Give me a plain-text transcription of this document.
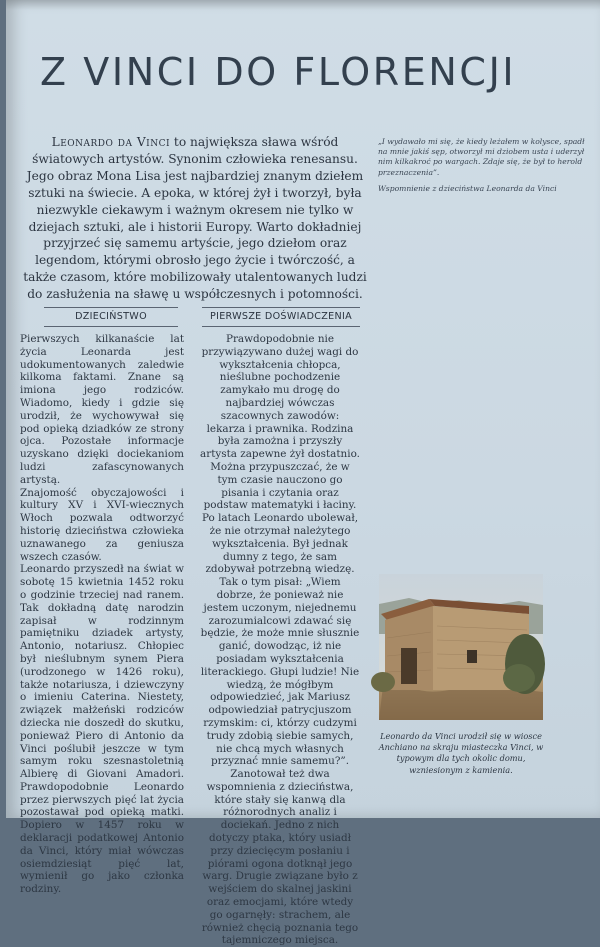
Z VINCI DO FLORENCJI
Leonardo da Vinci to największa sława wśród światowych artystów. Synonim człowieka renesansu. Jego obraz Mona Lisa jest najbardziej znanym dziełem sztuki na świecie. A epoka, w której żył i tworzył, była niezwykle ciekawym i ważnym okresem nie tylko w dziejach sztuki, ale i historii Europy. Warto dokładniej przyjrzeć się samemu artyście, jego dziełom oraz legendom, którymi obrosło jego życie i twórczość, a także czasom, które mobilizowały utalentowanych ludzi do zasłużenia na sławę u współczesnych i potomności.
„I wydawało mi się, że kiedy leżałem w kolysce, spadł na mnie jakiś sęp, otworzył mi dziobem usta i uderzył nim kilkakroć po wargach. Zdaje się, że był to herold przeznaczenia”.
Wspomnienie z dzieciństwa Leonarda da Vinci
DZIECIŃSTWO	PIERWSZE DOŚWIADCZENIA

Pierwszych kilkanaście lat życia Leonarda jest udokumentowanych zaledwie kilkoma faktami. Znane są imiona jego rodziców. Wiadomo, kiedy i gdzie się urodził, że wychowywał się pod opieką dziadków ze strony ojca. Pozostałe informacje uzyskano dzięki dociekaniom ludzi zafascynowanych artystą.

Znajomość obyczajowości i kultury XV i XVI-wiecznych Włoch pozwala odtworzyć historię dzieciństwa człowieka uznawanego za geniusza wszech czasów.

Leonardo przyszedł na świat w sobotę 15 kwietnia 1452 roku o godzinie trzeciej nad ranem. Tak dokładną datę narodzin zapisał w rodzinnym pamiętniku dziadek artysty, Antonio, notariusz. Chłopiec był nieślubnym synem Piera (urodzonego w 1426 roku), także notariusza, i dziewczyny o imieniu Caterina. Niestety, związek małżeński rodziców dziecka nie doszedł do skutku, ponieważ Piero di Antonio da Vinci poślubił jeszcze w tym samym roku szesnastoletnią Albierę di Giovani Amadori. Prawdopodobnie Leonardo przez pierwszych pięć lat życia pozostawał pod opieką matki. Dopiero w 1457 roku w deklaracji podatkowej Antonio da Vinci, który miał wówczas osiemdziesiąt pięć lat, wymienił go jako członka rodziny.

Prawdopodobnie nie przywiązywano dużej wagi do wykształcenia chłopca, nieślubne pochodzenie zamykało mu drogę do najbardziej wówczas szacownych zawodów: lekarza i prawnika. Rodzina była zamożna i przyszły artysta zapewne żył dostatnio. Można przypuszczać, że w tym czasie nauczono go pisania i czytania oraz podstaw matematyki i łaciny. Po latach Leonardo ubolewał, że nie otrzymał należytego wykształcenia. Był jednak dumny z tego, że sam zdobywał potrzebną wiedzę. Tak o tym pisał: „Wiem dobrze, że ponieważ nie jestem uczonym, niejednemu zarozumialcowi zdawać się będzie, że może mnie słusznie ganić, dowodząc, iż nie posiadam wykształcenia literackiego. Głupi ludzie! Nie wiedzą, że mógłbym odpowiedzieć, jak Mariusz odpowiedział patrycjuszom rzymskim: ci, którzy cudzymi trudy zdobią siebie samych, nie chcą mych własnych przyznać mnie samemu?”. Zanotował też dwa wspomnienia z dzieciństwa, które stały się kanwą dla różnorodnych analiz i dociekań. Jedno z nich dotyczy ptaka, który usiadł przy dziecięcym posłaniu i piórami ogona dotknął jego warg. Drugie związane było z wejściem do skalnej jaskini oraz emocjami, które wtedy go ogarnęły: strachem, ale również chęcią poznania tego tajemniczego miejsca.

Leonardo da Vinci urodził się w wiosce Anchiano na skraju miasteczka Vinci, w typowym dla tych okolic domu, wzniesionym z kamienia.
